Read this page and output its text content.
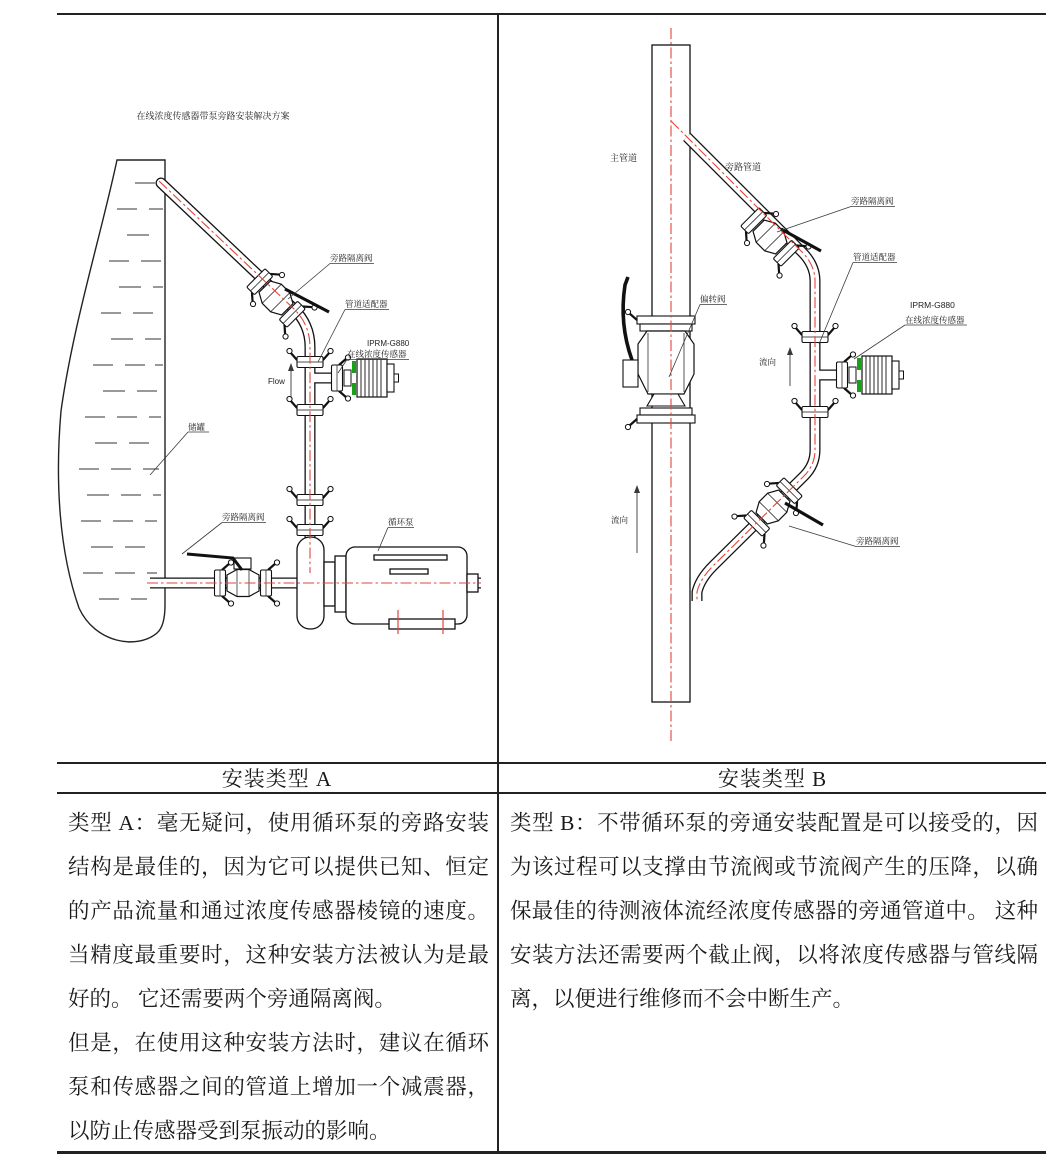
在线浓度传感器带泵旁路安装解决方案
旁路隔离阀
管道适配器
IPRM-G880
在线浓度传感器
Flow
储罐
旁路隔离阀	循环泵
主管道
旁路管道
旁路隔离阀
管道适配器
IPRM-G880
在线浓度传感器
偏转阀
流向
流向
旁路隔离阀
安装类型 A	安装类型 B

类型 A：毫无疑问，使用循环泵的旁路安装结构是最佳的，因为它可以提供已知、恒定的产品流量和通过浓度传感器棱镜的速度。当精度最重要时，这种安装方法被认为是最好的。 它还需要两个旁通隔离阀。

但是，在使用这种安装方法时，建议在循环泵和传感器之间的管道上增加一个减震器，以防止传感器受到泵振动的影响。

类型 B：不带循环泵的旁通安装配置是可以接受的，因为该过程可以支撑由节流阀或节流阀产生的压降，以确保最佳的待测液体流经浓度传感器的旁通管道中。 这种安装方法还需要两个截止阀，以将浓度传感器与管线隔离，以便进行维修而不会中断生产。
